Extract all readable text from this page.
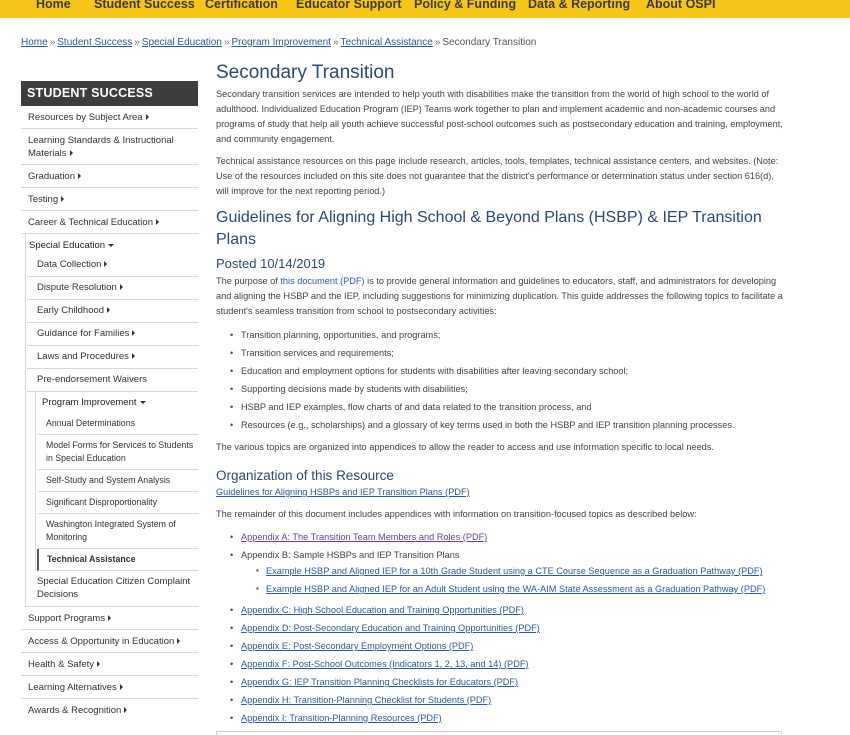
Home Student Success Certification Educator Support Policy & Funding Data & Reporting About OSPI
Home » Student Success » Special Education » Program Improvement » Technical Assistance » Secondary Transition
STUDENT SUCCESS
Resources by Subject Area
Learning Standards & Instructional Materials
Graduation
Testing
Career & Technical Education
Special Education
Data Collection
Dispute Resolution
Early Childhood
Guidance for Families
Laws and Procedures
Pre-endorsement Waivers
Program Improvement
Annual Determinations
Model Forms for Services to Students in Special Education
Self-Study and System Analysis
Significant Disproportionality
Washington Integrated System of Monitoring
Technical Assistance
Special Education Citizen Complaint Decisions
Support Programs
Access & Opportunity in Education
Health & Safety
Learning Alternatives
Awards & Recognition
Secondary Transition

Secondary transition services are intended to help youth with disabilities make the transition from the world of high school to the world of adulthood. Individualized Education Program (IEP) Teams work together to plan and implement academic and non-academic courses and programs of study that help all youth achieve successful post-school outcomes such as postsecondary education and training, employment, and community engagement.

Technical assistance resources on this page include research, articles, tools, templates, technical assistance centers, and websites. (Note: Use of the resources included on this site does not guarantee that the district's performance or determination status under section 616(d), will improve for the next reporting period.)

Guidelines for Aligning High School & Beyond Plans (HSBP) & IEP Transition Plans
Posted 10/14/2019

The purpose of this document (PDF) is to provide general information and guidelines to educators, staff, and administrators for developing and aligning the HSBP and the IEP, including suggestions for minimizing duplication. This guide addresses the following topics to facilitate a student's seamless transition from school to postsecondary activities:

• Transition planning, opportunities, and programs;
• Transition services and requirements;
• Education and employment options for students with disabilities after leaving secondary school;
• Supporting decisions made by students with disabilities;
• HSBP and IEP examples, flow charts of and data related to the transition process, and
• Resources (e.g., scholarships) and a glossary of key terms used in both the HSBP and IEP transition planning processes.

The various topics are organized into appendices to allow the reader to access and use information specific to local needs.

Organization of this Resource

Guidelines for Aligning HSBPs and IEP Transition Plans (PDF)

The remainder of this document includes appendices with information on transition-focused topics as described below:

• Appendix A: The Transition Team Members and Roles (PDF)
• Appendix B: Sample HSBPs and IEP Transition Plans
▪ Example HSBP and Aligned IEP for a 10th Grade Student using a CTE Course Sequence as a Graduation Pathway (PDF)
▪ Example HSBP and Aligned IEP for an Adult Student using the WA-AIM State Assessment as a Graduation Pathway (PDF)
• Appendix C: High School Education and Training Opportunities (PDF)
• Appendix D: Post-Secondary Education and Training Opportunities (PDF)
• Appendix E: Post-Secondary Employment Options (PDF)
• Appendix F: Post-School Outcomes (Indicators 1, 2, 13, and 14) (PDF)
• Appendix G: IEP Transition Planning Checklists for Educators (PDF)
• Appendix H: Transition-Planning Checklist for Students (PDF)
• Appendix I: Transition-Planning Resources (PDF)
